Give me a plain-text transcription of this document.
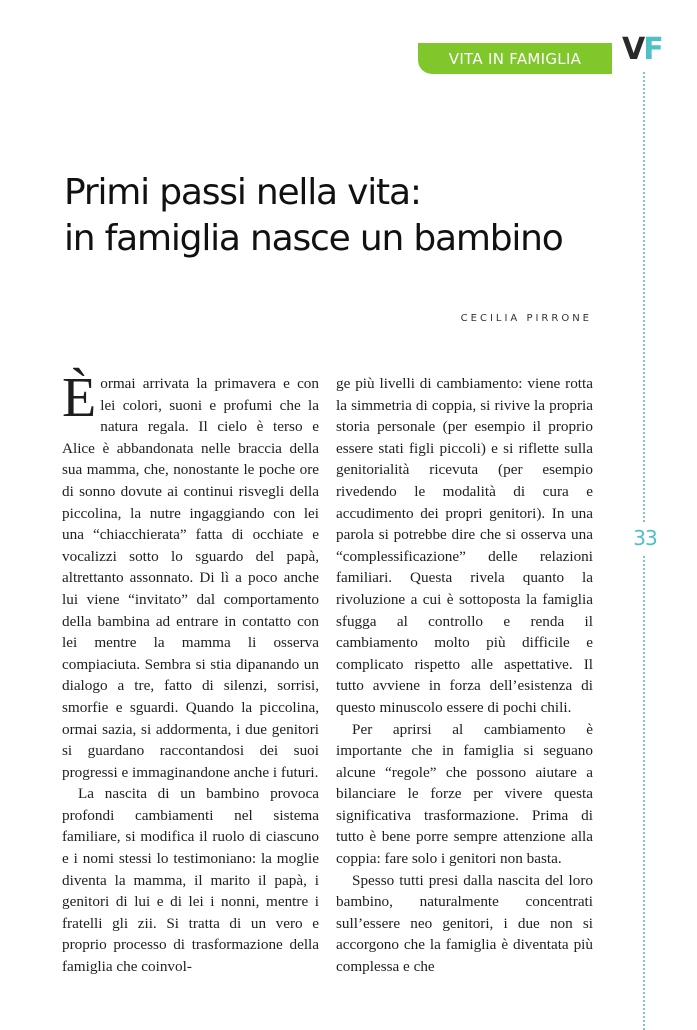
VITA IN FAMIGLIA VF
33
Primi passi nella vita:
in famiglia nasce un bambino
CECILIA PIRRONE

Èormai arrivata la primavera e con lei colori, suoni e profumi che la natura regala. Il cielo è terso e Alice è abbandonata nelle braccia della sua mamma, che, nonostante le poche ore di sonno dovute ai continui risvegli della piccolina, la nutre ingaggiando con lei una “chiacchierata” fatta di occhiate e vocalizzi sotto lo sguardo del papà, altrettanto assonnato. Di lì a poco anche lui viene “invitato” dal comportamento della bambina ad entrare in contatto con lei mentre la mamma li osserva compiaciuta. Sembra si stia dipanando un dialogo a tre, fatto di silenzi, sorrisi, smorfie e sguardi. Quando la piccolina, ormai sazia, si addormenta, i due genitori si guardano raccontandosi dei suoi progressi e immaginandone anche i futuri.

La nascita di un bambino provoca profondi cambiamenti nel sistema familiare, si modifica il ruolo di ciascuno e i nomi stessi lo testimoniano: la moglie diventa la mamma, il marito il papà, i genitori di lui e di lei i nonni, mentre i fratelli gli zii. Si tratta di un vero e proprio processo di trasformazione della famiglia che coinvol-

ge più livelli di cambiamento: viene rotta la simmetria di coppia, si rivive la propria storia personale (per esempio il proprio essere stati figli piccoli) e si riflette sulla genitorialità ricevuta (per esempio rivedendo le modalità di cura e accudimento dei propri genitori). In una parola si potrebbe dire che si osserva una “complessificazione” delle relazioni familiari. Questa rivela quanto la rivoluzione a cui è sottoposta la famiglia sfugga al controllo e renda il cambiamento molto più difficile e complicato rispetto alle aspettative. Il tutto avviene in forza dell’esistenza di questo minuscolo essere di pochi chili.

Per aprirsi al cambiamento è importante che in famiglia si seguano alcune “regole” che possono aiutare a bilanciare le forze per vivere questa significativa trasformazione. Prima di tutto è bene porre sempre attenzione alla coppia: fare solo i genitori non basta.

Spesso tutti presi dalla nascita del loro bambino, naturalmente concentrati sull’essere neo genitori, i due non si accorgono che la famiglia è diventata più complessa e che
